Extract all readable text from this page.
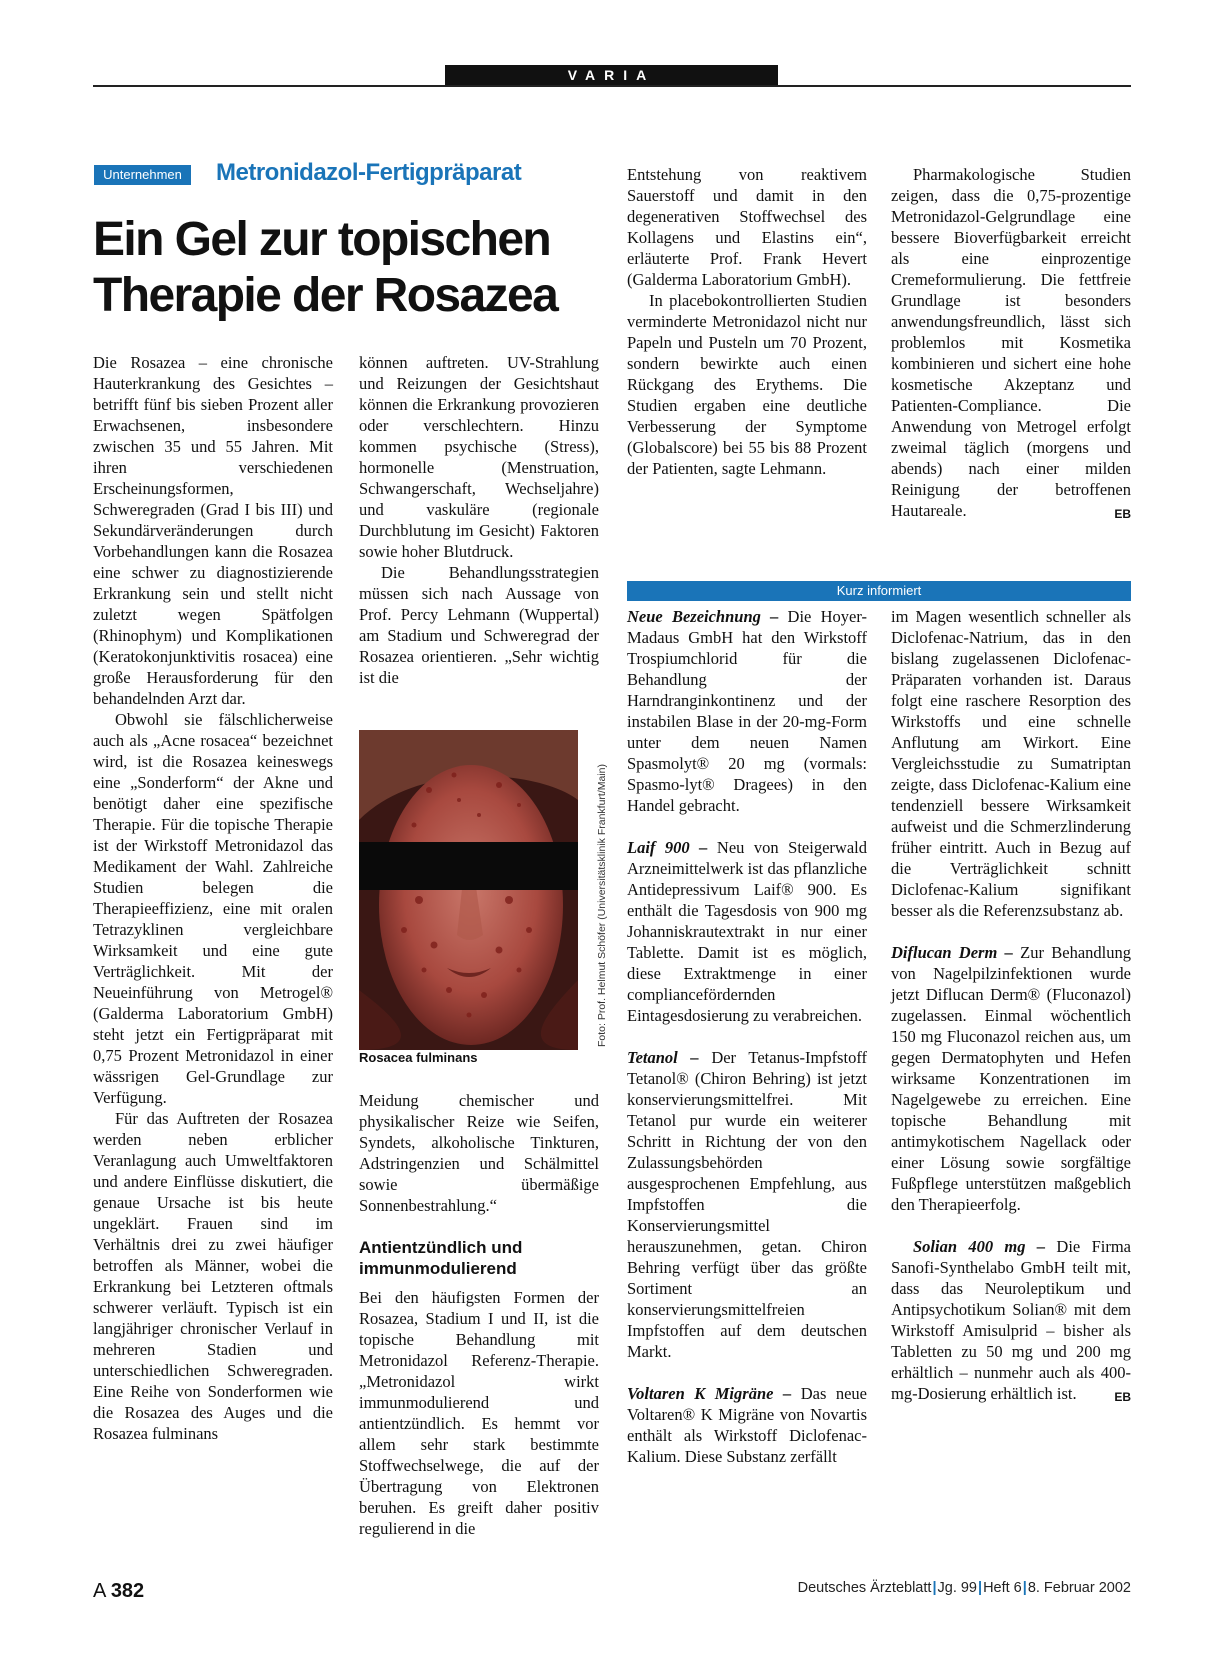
VARIA
Unternehmen	Metronidazol-Fertigpräparat
Ein Gel zur topischen
Therapie der Rosazea

Die Rosazea – eine chronische Hauterkrankung des Gesichtes – betrifft fünf bis sieben Prozent aller Erwachsenen, insbesondere zwischen 35 und 55 Jahren. Mit ihren verschiedenen Erscheinungsformen, Schweregraden (Grad I bis III) und Sekundärveränderungen durch Vorbehandlungen kann die Rosazea eine schwer zu diagnostizierende Erkrankung sein und stellt nicht zuletzt wegen Spätfolgen (Rhinophym) und Komplikationen (Keratokonjunktivitis rosacea) eine große Herausforderung für den behandelnden Arzt dar.

Obwohl sie fälschlicherweise auch als „Acne rosacea“ bezeichnet wird, ist die Rosazea keineswegs eine „Sonderform“ der Akne und benötigt daher eine spezifische Therapie. Für die topische Therapie ist der Wirkstoff Metronidazol das Medikament der Wahl. Zahlreiche Studien belegen die Therapieeffizienz, eine mit oralen Tetrazyklinen vergleichbare Wirksamkeit und eine gute Verträglichkeit. Mit der Neueinführung von Metrogel® (Galderma Laboratorium GmbH) steht jetzt ein Fertigpräparat mit 0,75 Prozent Metronidazol in einer wässrigen Gel-Grundlage zur Verfügung.

Für das Auftreten der Rosazea werden neben erblicher Veranlagung auch Umweltfaktoren und andere Einflüsse diskutiert, die genaue Ursache ist bis heute ungeklärt. Frauen sind im Verhältnis drei zu zwei häufiger betroffen als Männer, wobei die Erkrankung bei Letzteren oftmals schwerer verläuft. Typisch ist ein langjähriger chronischer Verlauf in mehreren Stadien und unterschiedlichen Schweregraden. Eine Reihe von Sonderformen wie die Rosazea des Auges und die Rosazea fulminans

können auftreten. UV-Strahlung und Reizungen der Gesichtshaut können die Erkrankung provozieren oder verschlechtern. Hinzu kommen psychische (Stress), hormonelle (Menstruation, Schwangerschaft, Wechseljahre) und vaskuläre (regionale Durchblutung im Gesicht) Faktoren sowie hoher Blutdruck.

Die Behandlungsstrategien müssen sich nach Aussage von Prof. Percy Lehmann (Wuppertal) am Stadium und Schweregrad der Rosazea orientieren. „Sehr wichtig ist die

Foto: Prof. Helmut Schöfer (Universitätsklinik Frankfurt/Main)
Rosacea fulminans

Meidung chemischer und physikalischer Reize wie Seifen, Syndets, alkoholische Tinkturen, Adstringenzien und Schälmittel sowie übermäßige Sonnenbestrahlung.“

Antientzündlich und immunmodulierend

Bei den häufigsten Formen der Rosazea, Stadium I und II, ist die topische Behandlung mit Metronidazol Referenz-Therapie. „Metronidazol wirkt immunmodulierend und antientzündlich. Es hemmt vor allem sehr stark bestimmte Stoffwechselwege, die auf der Übertragung von Elektronen beruhen. Es greift daher positiv regulierend in die

Entstehung von reaktivem Sauerstoff und damit in den degenerativen Stoffwechsel des Kollagens und Elastins ein“, erläuterte Prof. Frank Hevert (Galderma Laboratorium GmbH).

In placebokontrollierten Studien verminderte Metronidazol nicht nur Papeln und Pusteln um 70 Prozent, sondern bewirkte auch einen Rückgang des Erythems. Die Studien ergaben eine deutliche Verbesserung der Symptome (Globalscore) bei 55 bis 88 Prozent der Patienten, sagte Lehmann.

Pharmakologische Studien zeigen, dass die 0,75-prozentige Metronidazol-Gelgrundlage eine bessere Bioverfügbarkeit erreicht als eine einprozentige Cremeformulierung. Die fettfreie Grundlage ist besonders anwendungsfreundlich, lässt sich problemlos mit Kosmetika kombinieren und sichert eine hohe kosmetische Akzeptanz und Patienten-Compliance. Die Anwendung von Metrogel erfolgt zweimal täglich (morgens und abends) nach einer milden Reinigung der betroffenen Hautareale.	EB

Kurz informiert

Neue Bezeichnung – Die Hoyer-Madaus GmbH hat den Wirkstoff Trospiumchlorid für die Behandlung der Harndranginkontinenz und der instabilen Blase in der 20-mg-Form unter dem neuen Namen Spasmolyt® 20 mg (vormals: Spasmo-lyt® Dragees) in den Handel gebracht.

Laif 900 – Neu von Steigerwald Arzneimittelwerk ist das pflanzliche Antidepressivum Laif® 900. Es enthält die Tagesdosis von 900 mg Johanniskrautextrakt in nur einer Tablette. Damit ist es möglich, diese Extraktmenge in einer compliancefördernden Eintagesdosierung zu verabreichen.

Tetanol – Der Tetanus-Impfstoff Tetanol® (Chiron Behring) ist jetzt konservierungsmittelfrei. Mit Tetanol pur wurde ein weiterer Schritt in Richtung der von den Zulassungsbehörden ausgesprochenen Empfehlung, aus Impfstoffen die Konservierungsmittel herauszunehmen, getan. Chiron Behring verfügt über das größte Sortiment an konservierungsmittelfreien Impfstoffen auf dem deutschen Markt.

Voltaren K Migräne – Das neue Voltaren® K Migräne von Novartis enthält als Wirkstoff Diclofenac-Kalium. Diese Substanz zerfällt

im Magen wesentlich schneller als Diclofenac-Natrium, das in den bislang zugelassenen Diclofenac-Präparaten vorhanden ist. Daraus folgt eine raschere Resorption des Wirkstoffs und eine schnelle Anflutung am Wirkort. Eine Vergleichsstudie zu Sumatriptan zeigte, dass Diclofenac-Kalium eine tendenziell bessere Wirksamkeit aufweist und die Schmerzlinderung früher eintritt. Auch in Bezug auf die Verträglichkeit schnitt Diclofenac-Kalium signifikant besser als die Referenzsubstanz ab.

Diflucan Derm – Zur Behandlung von Nagelpilzinfektionen wurde jetzt Diflucan Derm® (Fluconazol) zugelassen. Einmal wöchentlich 150 mg Fluconazol reichen aus, um gegen Dermatophyten und Hefen wirksame Konzentrationen im Nagelgewebe zu erreichen. Eine topische Behandlung mit antimykotischem Nagellack oder einer Lösung sowie sorgfältige Fußpflege unterstützen maßgeblich den Therapieerfolg.

Solian 400 mg – Die Firma Sanofi-Synthelabo GmbH teilt mit, dass das Neuroleptikum und Antipsychotikum Solian® mit dem Wirkstoff Amisulprid – bisher als Tabletten zu 50 mg und 200 mg erhältlich – nunmehr auch als 400-mg-Dosierung erhältlich ist.	EB

A 382	Deutsches Ärzteblatt|Jg. 99|Heft 6|8. Februar 2002
